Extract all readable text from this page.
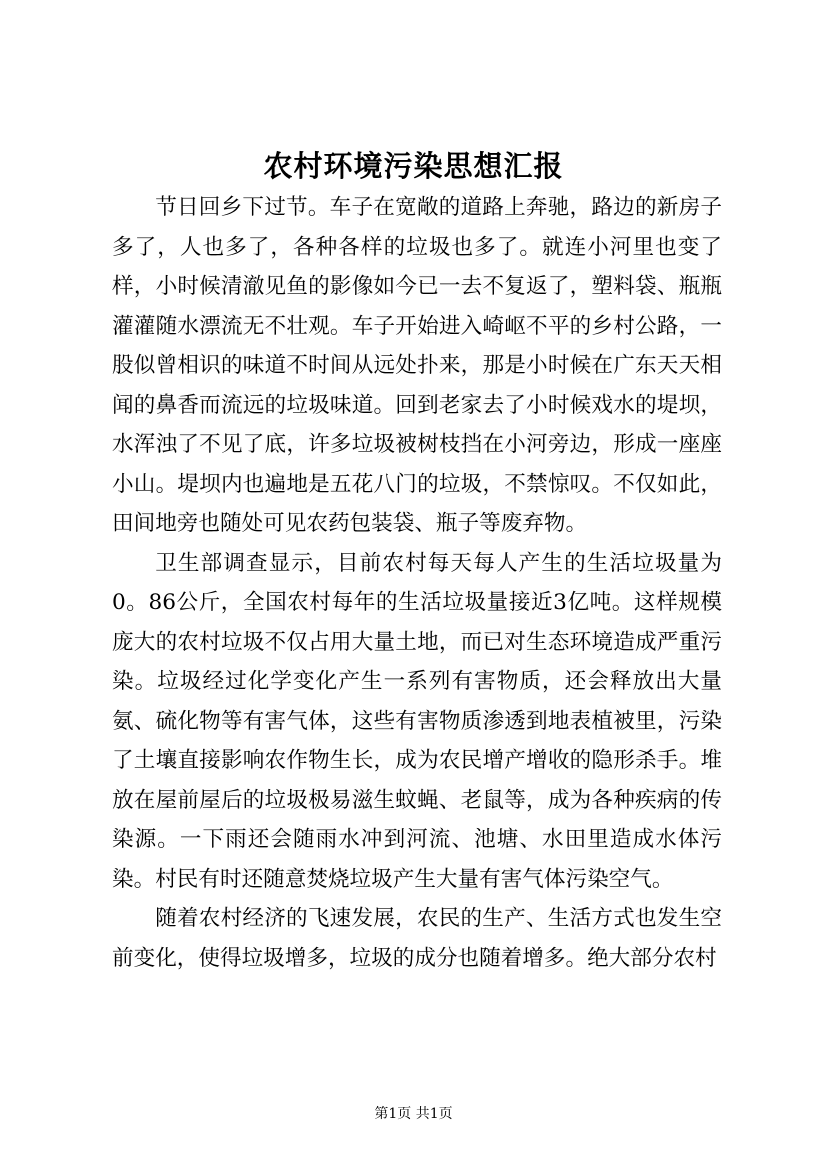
农村环境污染思想汇报

节日回乡下过节。车子在宽敞的道路上奔驰，路边的新房子多了，人也多了，各种各样的垃圾也多了。就连小河里也变了样，小时候清澈见鱼的影像如今已一去不复返了，塑料袋、瓶瓶灌灌随水漂流无不壮观。车子开始进入崎岖不平的乡村公路，一股似曾相识的味道不时间从远处扑来，那是小时候在广东天天相闻的鼻香而流远的垃圾味道。回到老家去了小时候戏水的堤坝，水浑浊了不见了底，许多垃圾被树枝挡在小河旁边，形成一座座小山。堤坝内也遍地是五花八门的垃圾，不禁惊叹。不仅如此，田间地旁也随处可见农药包装袋、瓶子等废弃物。

卫生部调查显示，目前农村每天每人产生的生活垃圾量为0。86公斤，全国农村每年的生活垃圾量接近3亿吨。这样规模庞大的农村垃圾不仅占用大量土地，而已对生态环境造成严重污染。垃圾经过化学变化产生一系列有害物质，还会释放出大量氨、硫化物等有害气体，这些有害物质渗透到地表植被里，污染了土壤直接影响农作物生长，成为农民增产增收的隐形杀手。堆放在屋前屋后的垃圾极易滋生蚊蝇、老鼠等，成为各种疾病的传染源。一下雨还会随雨水冲到河流、池塘、水田里造成水体污染。村民有时还随意焚烧垃圾产生大量有害气体污染空气。

随着农村经济的飞速发展，农民的生产、生活方式也发生空前变化，使得垃圾增多，垃圾的成分也随着增多。绝大部分农村

第1页 共1页
